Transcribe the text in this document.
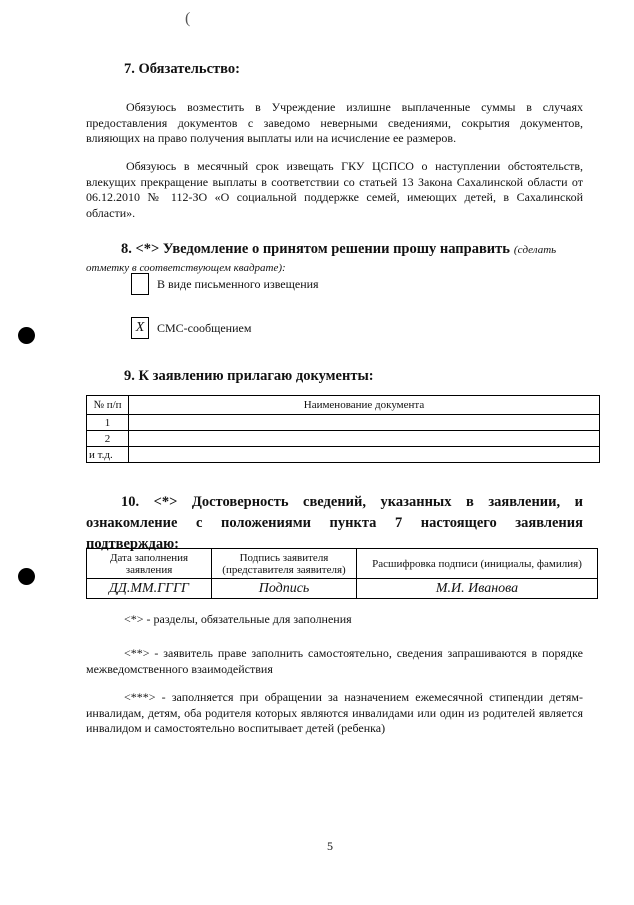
(
7. Обязательство:
Обязуюсь возместить в Учреждение излишне выплаченные суммы в случаях предоставления документов с заведомо неверными сведениями, сокрытия документов, влияющих на право получения выплаты или на исчисление ее размеров.
Обязуюсь в месячный срок извещать ГКУ ЦСПСО о наступлении обстоятельств, влекущих прекращение выплаты в соответствии со статьей 13 Закона Сахалинской области от 06.12.2010 № 112-ЗО «О социальной поддержке семей, имеющих детей, в Сахалинской области».
8. <*> Уведомление о принятом решении прошу направить (сделать отметку в соответствующем квадрате):
В виде письменного извещения
X	СМС-сообщением
9. К заявлению прилагаю документы:
№ п/п	Наименование документа
1	
2	
и т.д.	
10. <*> Достоверность сведений, указанных в заявлении, и
ознакомление с положениями пункта 7 настоящего заявления
подтверждаю:
Дата заполнения заявления	Подпись заявителя (представителя заявителя)	Расшифровка подписи (инициалы, фамилия)
ДД.ММ.ГГГГ	Подпись	М.И. Иванова
<*> - разделы, обязательные для заполнения
<**> - заявитель праве заполнить самостоятельно, сведения запрашиваются в порядке межведомственного взаимодействия
<***> - заполняется при обращении за назначением ежемесячной стипендии детям-инвалидам, детям, оба родителя которых являются инвалидами или один из родителей является инвалидом и самостоятельно воспитывает детей (ребенка)
5
